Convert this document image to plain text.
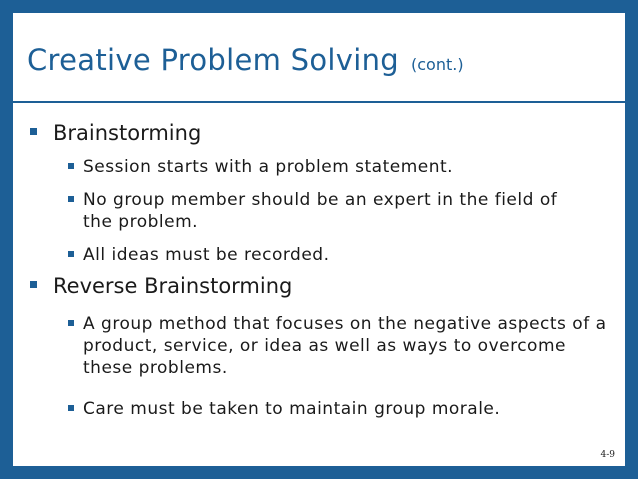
Creative Problem Solving (cont.)
Brainstorming
Session starts with a problem statement.
No group member should be an expert in the field of the problem.
All ideas must be recorded.
Reverse Brainstorming
A group method that focuses on the negative aspects of a product, service, or idea as well as ways to overcome these problems.
Care must be taken to maintain group morale.
4-9
